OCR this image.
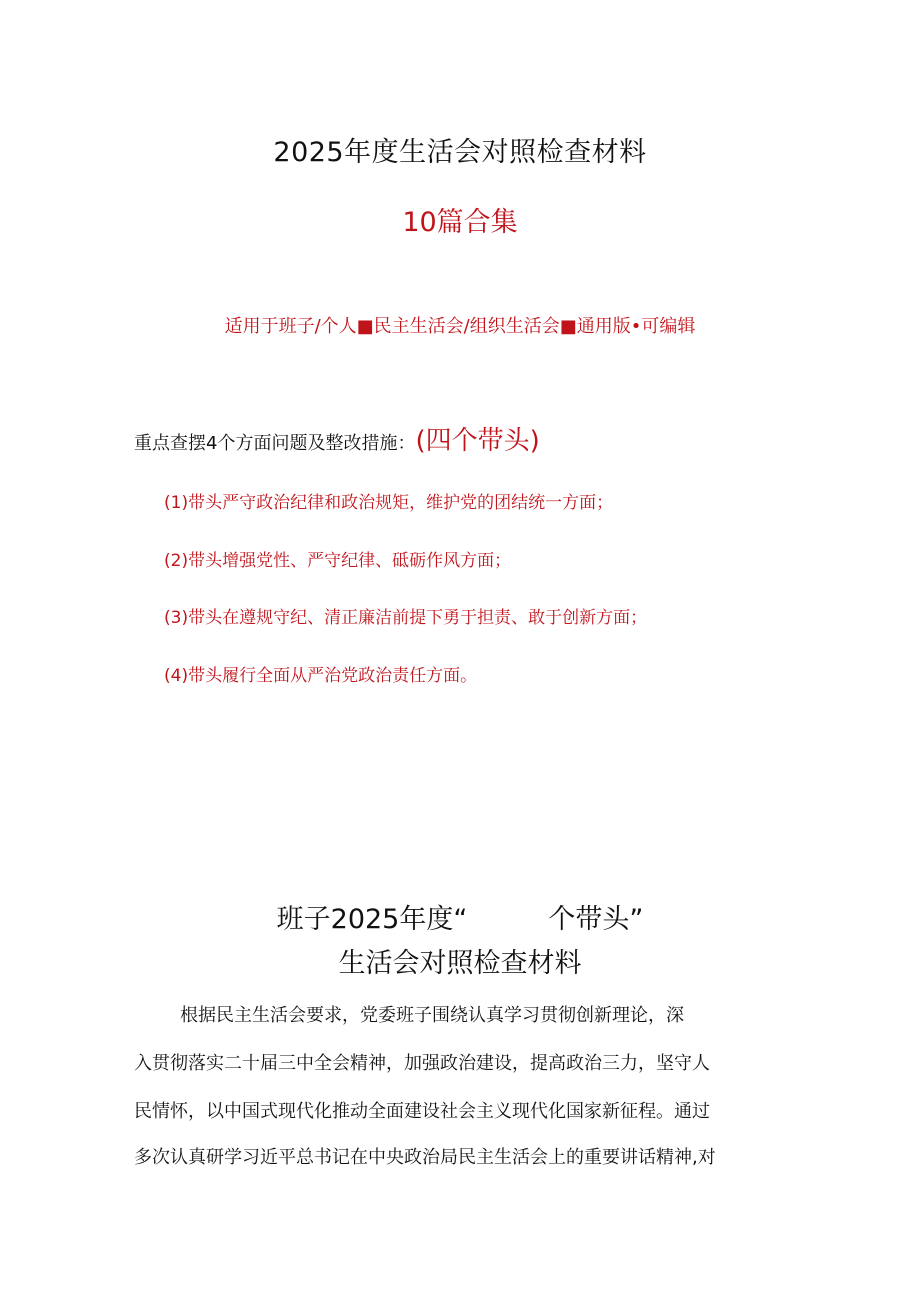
2025年度生活会对照检查材料
10篇合集
适用于班子/个人■民主生活会/组织生活会■通用版•可编辑
重点查摆4个方面问题及整改措施：(四个带头)
(1)带头严守政治纪律和政治规矩，维护党的团结统一方面；
(2)带头增强党性、严守纪律、砥砺作风方面；
(3)带头在遵规守纪、清正廉洁前提下勇于担责、敢于创新方面；
(4)带头履行全面从严治党政治责任方面。
班子2025年度“　　　个带头”
生活会对照检查材料
根据民主生活会要求，党委班子围绕认真学习贯彻创新理论，深
入贯彻落实二十届三中全会精神，加强政治建设，提高政治三力，坚守人
民情怀，以中国式现代化推动全面建设社会主义现代化国家新征程。通过
多次认真研学习近平总书记在中央政治局民主生活会上的重要讲话精神,对
